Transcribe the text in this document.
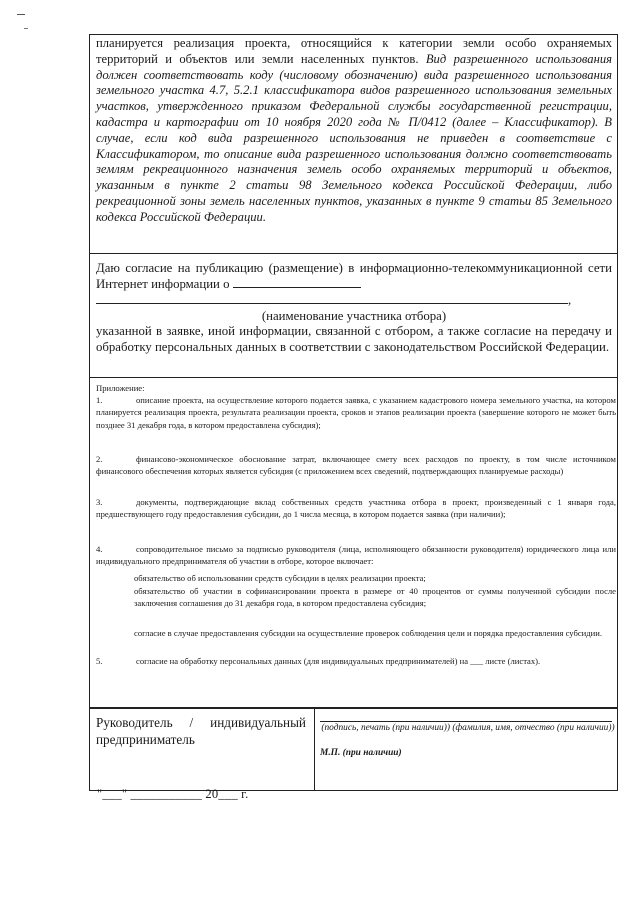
планируется реализация проекта, относящийся к категории земли особо охраняемых территорий и объектов или земли населенных пунктов. Вид разрешенного использования должен соответствовать коду (числовому обозначению) вида разрешенного использования земельного участка 4.7, 5.2.1 классификатора видов разрешенного использования земельных участков, утвержденного приказом Федеральной службы государственной регистрации, кадастра и картографии от 10 ноября 2020 года № П/0412 (далее – Классификатор). В случае, если код вида разрешенного использования не приведен в соответствие с Классификатором, то описание вида разрешенного использования должно соответствовать землям рекреационного назначения земель особо охраняемых территорий и объектов, указанным в пункте 2 статьи 98 Земельного кодекса Российской Федерации, либо рекреационной зоны земель населенных пунктов, указанных в пункте 9 статьи 85 Земельного кодекса Российской Федерации.
Даю согласие на публикацию (размещение) в информационно-телекоммуникационной сети Интернет информации о
,
(наименование участника отбора)
указанной в заявке, иной информации, связанной с отбором, а также согласие на передачу и обработку персональных данных в соответствии с законодательством Российской Федерации.
Приложение:
1.	описание проекта, на осуществление которого подается заявка, с указанием кадастрового номера земельного участка, на котором планируется реализация проекта, результата реализации проекта, сроков и этапов реализации проекта (завершение которого не может быть позднее 31 декабря года, в котором предоставлена субсидия);
2.	финансово-экономическое обоснование затрат, включающее смету всех расходов по проекту, в том числе источником финансового обеспечения которых является субсидия (с приложением всех сведений, подтверждающих планируемые расходы)
3.	документы, подтверждающие вклад собственных средств участника отбора в проект, произведенный с 1 января года, предшествующего году предоставления субсидии, до 1 числа месяца, в котором подается заявка (при наличии);
4.	сопроводительное письмо за подписью руководителя (лица, исполняющего обязанности руководителя) юридического лица или индивидуального предпринимателя об участии в отборе, которое включает:
обязательство об использовании средств субсидии в целях реализации проекта;
обязательство об участии в софинансировании проекта в размере от 40 процентов от суммы полученной субсидии после заключения соглашения до 31 декабря года, в котором предоставлена субсидия;
согласие в случае предоставления субсидии на осуществление проверок соблюдения цели и порядка предоставления субсидии.
5.	согласие на обработку персональных данных (для индивидуальных предпринимателей) на ___ листе (листах).
Руководитель / индивидуальный предприниматель
(подпись, печать (при наличии)) (фамилия, имя, отчество (при наличии))
М.П. (при наличии)
"___" ___________ 20___ г.
